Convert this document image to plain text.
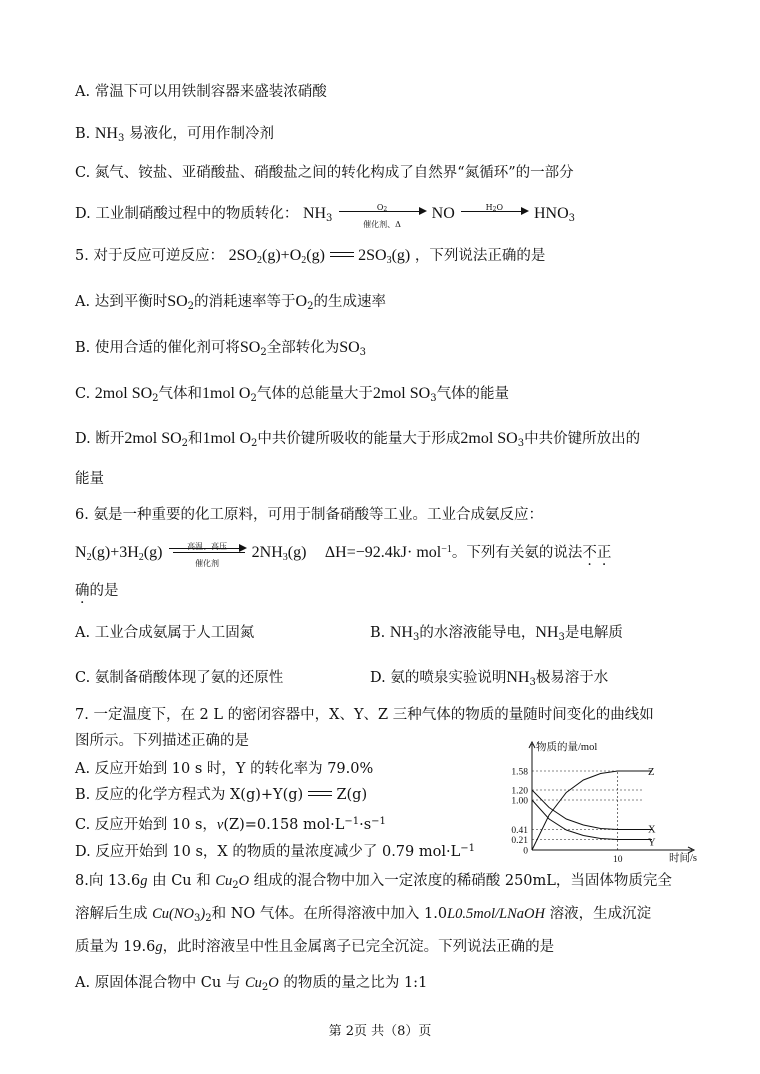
A. 常温下可以用铁制容器来盛装浓硝酸
B. $NH_3$ 易液化，可用作制冷剂
C. 氮气、铵盐、亚硝酸盐、硝酸盐之间的转化构成了自然界“氮循环”的一部分
D. 工业制硝酸过程中的物质转化： $NH_3$
$O_2$
催化剂、Δ
NO	$H_2O$	$HNO_3$
5. 对于反应可逆反应： $2SO_2(g)+O_2(g)$ $2SO_3(g)$ ，下列说法正确的是
A. 达到平衡时$SO_2$的消耗速率等于$O_2$的生成速率
B. 使用合适的催化剂可将$SO_2$全部转化为$SO_3$
C. 2mol $SO_2$气体和1mol $O_2$气体的总能量大于2mol $SO_3$气体的能量
D. 断开2mol $SO_2$和1mol $O_2$中共价键所吸收的能量大于形成2mol $SO_3$中共价键所放出的
能量
6. 氨是一种重要的化工原料，可用于制备硝酸等工业。工业合成氨反应：
$N_2(g)+3H_2(g)$	高温、高压
催化剂
$2NH_3(g)$ ΔH=−92.4kJ· mol$^{-1}$。下列有关氨的说法不正
确的是
A. 工业合成氨属于人工固氮	B. $NH_3$的水溶液能导电，$NH_3$是电解质
C. 氨制备硝酸体现了氨的还原性	D. 氨的喷泉实验说明$NH_3$极易溶于水
7. 一定温度下，在 2 L 的密闭容器中，X、Y、Z 三种气体的物质的量随时间变化的曲线如
图所示。下列描述正确的是
A. 反应开始到 10 s 时，Y 的转化率为 79.0%
B. 反应的化学方程式为 X(g)+Y(g) Z(g)
C. 反应开始到 10 s，v(Z)=0.158 $mol\cdot L^{-1}\cdot s^{-1}$
D. 反应开始到 10 s，X 的物质的量浓度减少了 0.79 $mol\cdot L^{-1}$
物质的量/mol
时间/s
0
0.21
0.41
1.00
1.20
1.58
10
Z
X
Y
8.向 13.6g 由 Cu 和 $Cu_2O$ 组成的混合物中加入一定浓度的稀硝酸 250mL，当固体物质完全
溶解后生成 $Cu(NO_3)_2$和 NO 气体。在所得溶液中加入 1.0L0.5mol/LNaOH 溶液，生成沉淀
质量为 19.6g，此时溶液呈中性且金属离子已完全沉淀。下列说法正确的是
A. 原固体混合物中 Cu 与 $Cu_2O$ 的物质的量之比为 1:1
第 2页 共（8）页
